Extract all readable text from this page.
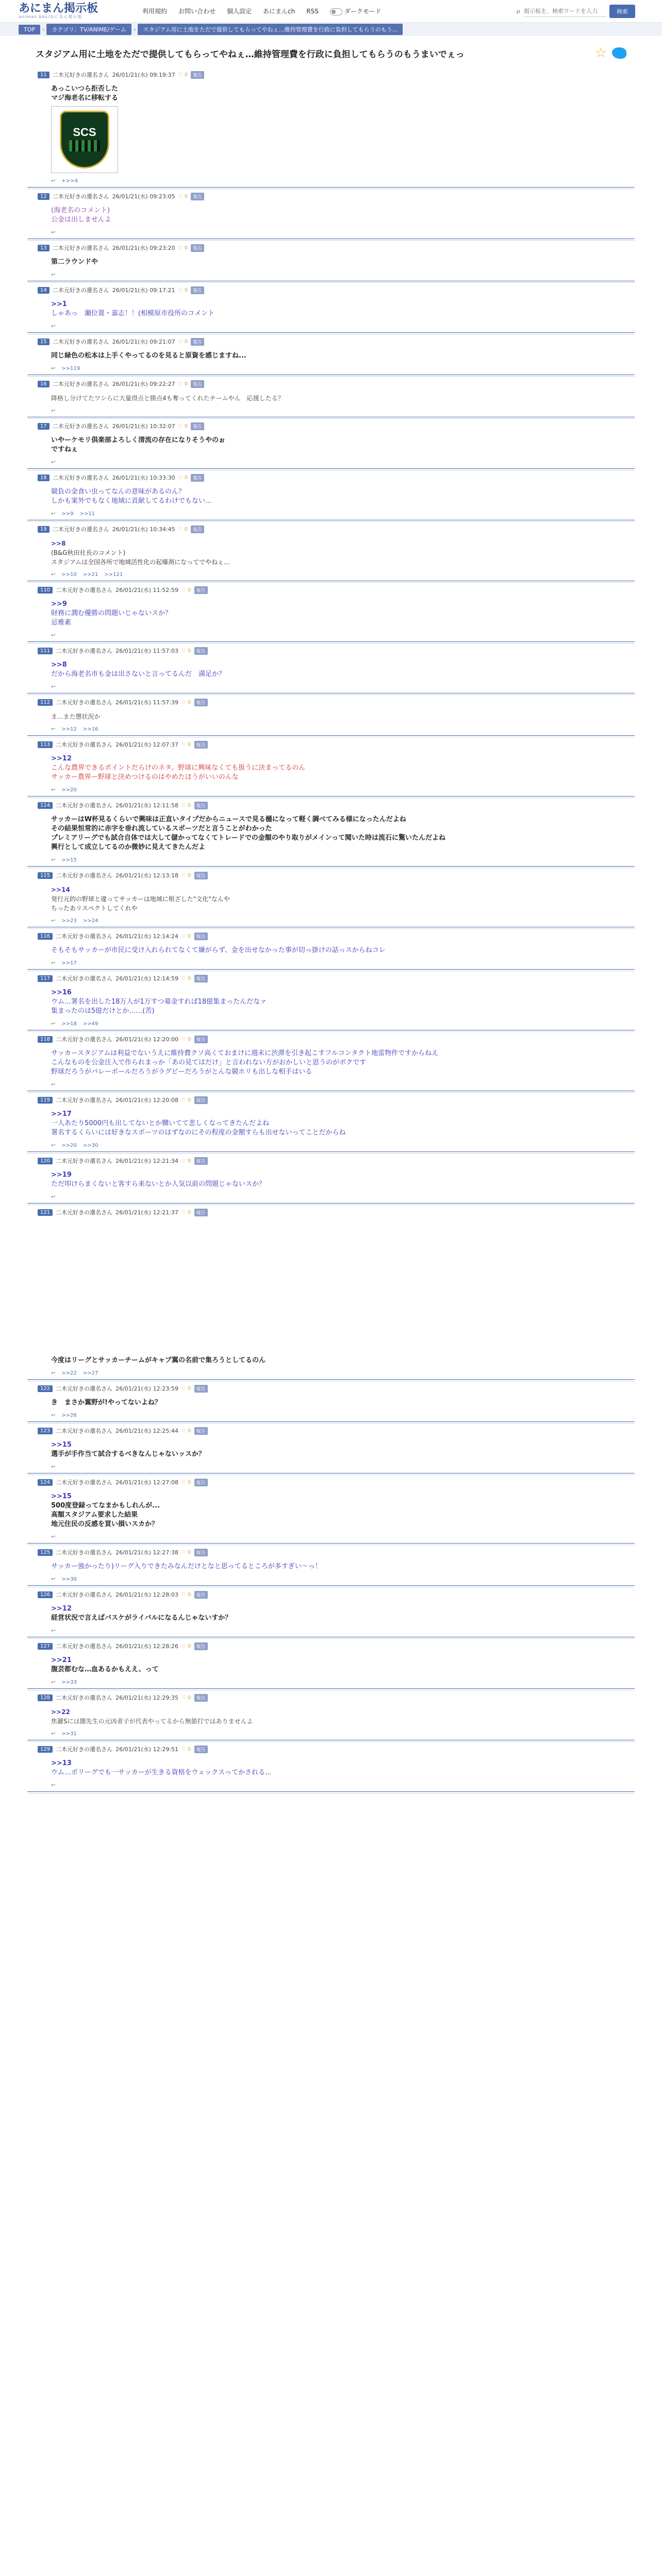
あにまん掲示板
animan bbs/あにまん掲示板
利用規約 お問い合わせ 個人設定 あにまんch RSS	ダークモード	⌕
掲示板を、検索ワードを入力	検索
TOP	›	カテゴリ：TV/ANIME/ゲーム	›	スタジアム用に土地をただで提供してもらってやねぇ…維持管理費を行政に負担してもらうのもう...
スタジアム用に土地をただで提供してもらってやねぇ…維持管理費を行政に負担してもらうのもうまいでぇっ	☆
11	二木元好きの還名さん 26/01/21(水) 09:19:37 ♡ 0	報告
あっこいつら拒否した
マジ海老名に移転する
SCS
↩ +>>4
12	二木元好きの還名さん 26/01/21(水) 09:23:05 ♡ 0	報告
(海老名のコメント)
公金は出しませんよ
↩
13	二木元好きの還名さん 26/01/21(水) 09:23:20 ♡ 0	報告
第二ラウンドや
↩
14	二木元好きの還名さん 26/01/21(水) 09:17:21 ♡ 0	報告
>>1
しゃあっ　瀬位置・嘉志！！(相模原市役所のコメント
↩
15	二木元好きの還名さん 26/01/21(水) 09:21:07 ♡ 0	報告
同じ緑色の松本は上手くやってるのを見ると原資を感じますね...
↩ >>119
16	二木元好きの還名さん 26/01/21(水) 09:22:27 ♡ 0	報告
降格し分けてたワシらに大量得点と勝点4も奪ってくれたチームやん　応援したる？
↩
17	二木元好きの還名さん 26/01/21(水) 10:32:07 ♡ 0	報告
いやーケモリ倶楽部よろしく清流の存在になりそうやのぉ
ですねぇ
↩
18	二木元好きの還名さん 26/01/21(水) 10:33:30 ♡ 0	報告
競負の金食い虫ってなんの意味があるのん？
しかも案外でもなく地域に貢献してるわけでもない...
↩ >>9 >>11
19	二木元好きの還名さん 26/01/21(水) 10:34:45 ♡ 0	報告
>>8
(B&G秋田社長のコメント)
スタジアムは全国各所で地域活性化の起爆剤になってでやねぇ...
↩ >>10 >>21 >>121
110	二木元好きの還名さん 26/01/21(水) 11:52:59 ♡ 0	報告
>>9
財務に潤む優勝の問題いじゃないスか？
忌雅素
↩
111	二木元好きの還名さん 26/01/21(水) 11:57:03 ♡ 0	報告
>>8
だから海老名市も金は出さないと言ってるんだ　満足か？
↩
112	二木元好きの還名さん 26/01/21(水) 11:57:39 ♡ 0	報告
ま...また懲状況か
↩ >>12 >>16
113	二木元好きの還名さん 26/01/21(水) 12:07:37 ♡ 0	報告
>>12
こんな農界できるポイントだらけのネタ。野球に興味なくても扱うに決まってるのん
サッカー農界ー野球と決めつけるのはやめたほうがいいのんな
↩ >>20
114	二木元好きの還名さん 26/01/21(水) 12:11:58 ♡ 0	報告
サッカーはW杯見るくらいで興味は正直いタイプだからニュースで見る樋になって軽く調べてみる様になったんだよね
その結果恒常的に赤字を垂れ流しているスポーツだと言うことがわかった
プレミアリーグでも試合自体では大して儲かってなくてトレードでの金額のやり取りがメインって聞いた時は流石に驚いたんだよね
興行として成立してるのか微妙に見えてきたんだよ
↩ >>15
115	二木元好きの還名さん 26/01/21(水) 12:13:18 ♡ 0	報告
>>14
発行元的の野球と違ってサッカーは地域に根ざした"文化"なんや
ちったあリスペクトしてくれや
↩ >>23 >>24
116	二木元好きの還名さん 26/01/21(水) 12:14:24 ♡ 0	報告
そもそもサッカーが市民に受け入れられてなくて嫌がらず、金を出せなかった事が切っ掛けの話っスからねコレ
↩ >>17
117	二木元好きの還名さん 26/01/21(水) 12:14:59 ♡ 0	報告
>>16
ウム…署名を出した18万人が1万すつ募金すれば18億集まったんだなァ
集まったのは5億だけとか……(苦)
↩ >>18 >>49
118	二木元好きの還名さん 26/01/21(水) 12:20:00 ♡ 0	報告
サッカースタジアムは利益でないうえに維持費クソ高くておまけに週末に渋滞を引き起こすフルコンタクト地雷物件ですからねえ
こんなものを公金注入で作られまっか「あの見てはだけ」と言われない方がおかしいと思うのがボクです
野球だろうがバレーボールだろうがラグビーだろうがとんな競ホリも出しな相手はいる
↩
119	二木元好きの還名さん 26/01/21(水) 12:20:08 ♡ 0	報告
>>17
一人あたり5000円も出してないとか嬲いてて悲しくなってきたんだよね
署名するくらいには好きなスポーツのはずなのにその程度の金額すらも出せないってことだからね
↩ >>20 >>30
120	二木元好きの還名さん 26/01/21(水) 12:21:34 ♡ 0	報告
>>19
ただ叩けらまくないと客すら来ないとか人気以前の問題じゃないスか？
↩
121	二木元好きの還名さん 26/01/21(水) 12:21:37 ♡ 0	報告
今度はリーグとサッカーチームがキャブ翼の名前で集ろうとしてるのん
↩ >>22 >>27
122	二木元好きの還名さん 26/01/21(水) 12:23:59 ♡ 0	報告
き　まさか翼野が!やってないよね？
↩ >>26
123	二木元好きの還名さん 26/01/21(水) 12:25:44 ♡ 0	報告
>>15
選手が手作当て試合するべきなんじゃないッスか？
↩
124	二木元好きの還名さん 26/01/21(水) 12:27:08 ♡ 0	報告
>>15
500度登録ってなまかもしれんが...
高額スタジアム要求した結果
地元住民の反感を買い損いスカか？
↩
125	二木元好きの還名さん 26/01/21(水) 12:27:38 ♡ 0	報告
サッカー強かったり)リーグ入りできたみなんだけとなと思ってるところが多すぎい〜っ！
↩ >>30
126	二木元好きの還名さん 26/01/21(水) 12:28:03 ♡ 0	報告
>>12
経営状況で言えばバスケがライバルになるんじゃないすか？
↩
127	二木元好きの還名さん 26/01/21(水) 12:28:26 ♡ 0	報告
>>21
腹芸都むな…血あるかもええ、って
↩ >>33
128	二木元好きの還名さん 26/01/21(水) 12:29:35 ♡ 0	報告
>>22
焦麗Sには闇先生の元凶者子が代表やってるから無節打ではありませんよ
↩ >>31
129	二木元好きの還名さん 26/01/21(水) 12:29:51 ♡ 0	報告
>>13
ウム…ポリーグでも一サッカーが生きる資格をウェックスってかされる...
↩
